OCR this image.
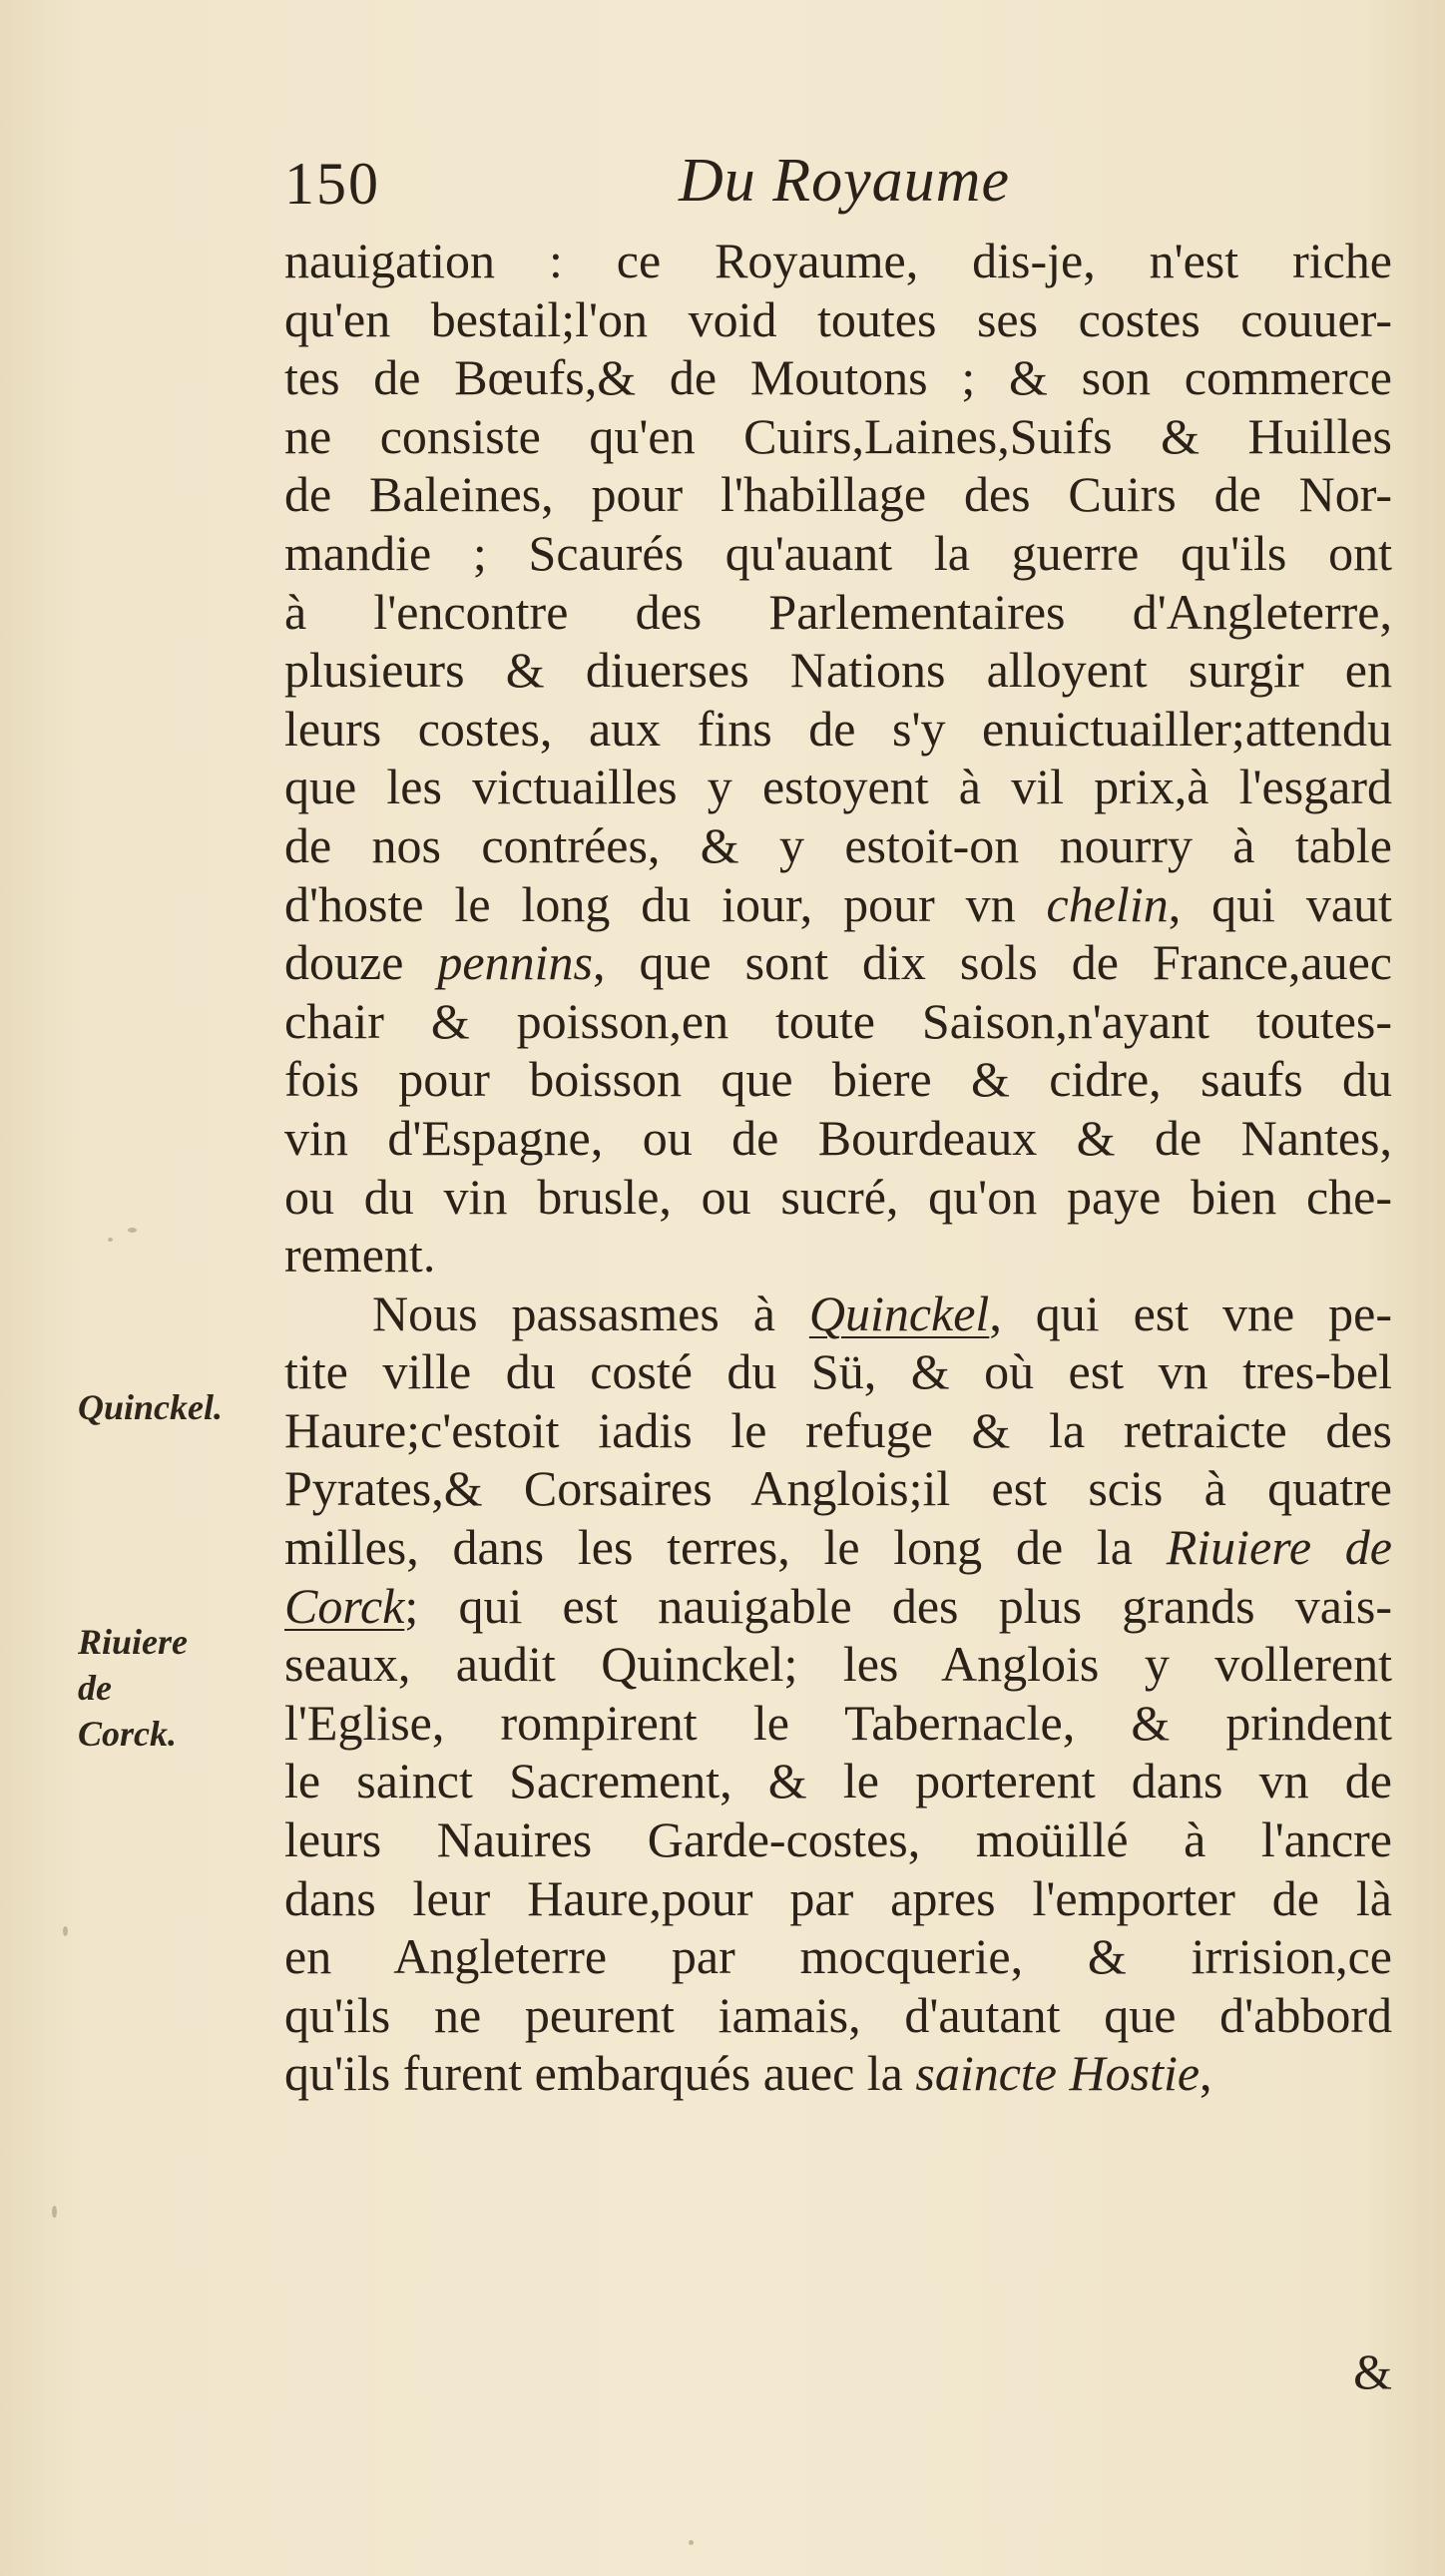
150	Du Royaume
nauigation : ce Royaume, dis-je, n'est riche
qu'en bestail;l'on void toutes ses costes couuer-
tes de Bœufs,& de Moutons ; & son commerce
ne consiste qu'en Cuirs,Laines,Suifs & Huilles
de Baleines, pour l'habillage des Cuirs de Nor-
mandie ; Scaurés qu'auant la guerre qu'ils ont
à l'encontre des Parlementaires d'Angleterre,
plusieurs & diuerses Nations alloyent surgir en
leurs costes, aux fins de s'y enuictuailler;attendu
que les victuailles y estoyent à vil prix,à l'esgard
de nos contrées, & y estoit-on nourry à table
d'hoste le long du iour, pour vn chelin, qui vaut
douze pennins, que sont dix sols de France,auec
chair & poisson,en toute Saison,n'ayant toutes-
fois pour boisson que biere & cidre, saufs du
vin d'Espagne, ou de Bourdeaux & de Nantes,
ou du vin brusle, ou sucré, qu'on paye bien che-
rement.
Nous passasmes à Quinckel, qui est vne pe-
tite ville du costé du Sü, & où est vn tres-bel
Haure;c'estoit iadis le refuge & la retraicte des
Pyrates,& Corsaires Anglois;il est scis à quatre
milles, dans les terres, le long de la Riuiere de
Corck; qui est nauigable des plus grands vais-
seaux, audit Quinckel; les Anglois y vollerent
l'Eglise, rompirent le Tabernacle, & prindent
le sainct Sacrement, & le porterent dans vn de
leurs Nauires Garde-costes, moüillé à l'ancre
dans leur Haure,pour par apres l'emporter de là
en Angleterre par mocquerie, & irrision,ce
qu'ils ne peurent iamais, d'autant que d'abbord
qu'ils furent embarqués auec la saincte Hostie,
Quinckel.
Riuiere de Corck.
&
